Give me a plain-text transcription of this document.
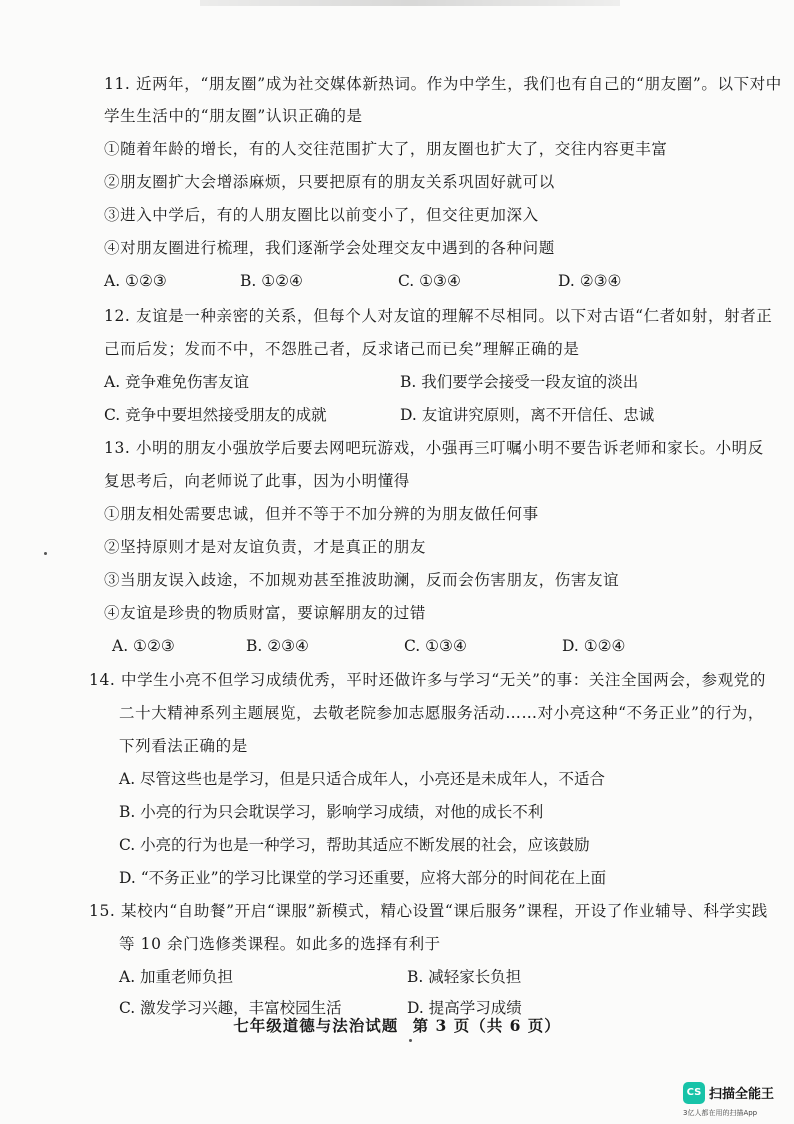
11. 近两年，“朋友圈”成为社交媒体新热词。作为中学生，我们也有自己的“朋友圈”。以下对中
学生生活中的“朋友圈”认识正确的是
①随着年龄的增长，有的人交往范围扩大了，朋友圈也扩大了，交往内容更丰富
②朋友圈扩大会增添麻烦，只要把原有的朋友关系巩固好就可以
③进入中学后，有的人朋友圈比以前变小了，但交往更加深入
④对朋友圈进行梳理，我们逐渐学会处理交友中遇到的各种问题
A. ①②③	B. ①②④	C. ①③④	D. ②③④
12. 友谊是一种亲密的关系，但每个人对友谊的理解不尽相同。以下对古语“仁者如射，射者正
己而后发；发而不中，不怨胜己者，反求诸己而已矣”理解正确的是
A. 竞争难免伤害友谊	B. 我们要学会接受一段友谊的淡出
C. 竞争中要坦然接受朋友的成就	D. 友谊讲究原则，离不开信任、忠诚
13. 小明的朋友小强放学后要去网吧玩游戏，小强再三叮嘱小明不要告诉老师和家长。小明反
复思考后，向老师说了此事，因为小明懂得
①朋友相处需要忠诚，但并不等于不加分辨的为朋友做任何事
②坚持原则才是对友谊负责，才是真正的朋友
③当朋友误入歧途，不加规劝甚至推波助澜，反而会伤害朋友，伤害友谊
④友谊是珍贵的物质财富，要谅解朋友的过错
A. ①②③	B. ②③④	C. ①③④	D. ①②④
14. 中学生小亮不但学习成绩优秀，平时还做许多与学习“无关”的事：关注全国两会，参观党的
二十大精神系列主题展览，去敬老院参加志愿服务活动……对小亮这种“不务正业”的行为，
下列看法正确的是
A. 尽管这些也是学习，但是只适合成年人，小亮还是未成年人，不适合
B. 小亮的行为只会耽误学习，影响学习成绩，对他的成长不利
C. 小亮的行为也是一种学习，帮助其适应不断发展的社会，应该鼓励
D. “不务正业”的学习比课堂的学习还重要，应将大部分的时间花在上面
15. 某校内“自助餐”开启“课服”新模式，精心设置“课后服务”课程，开设了作业辅导、科学实践
等 10 余门选修类课程。如此多的选择有利于
A. 加重老师负担	B. 减轻家长负担
C. 激发学习兴趣，丰富校园生活	D. 提高学习成绩
七年级道德与法治试题 第 3 页（共 6 页）
CS 扫描全能王
3亿人都在用的扫描App
